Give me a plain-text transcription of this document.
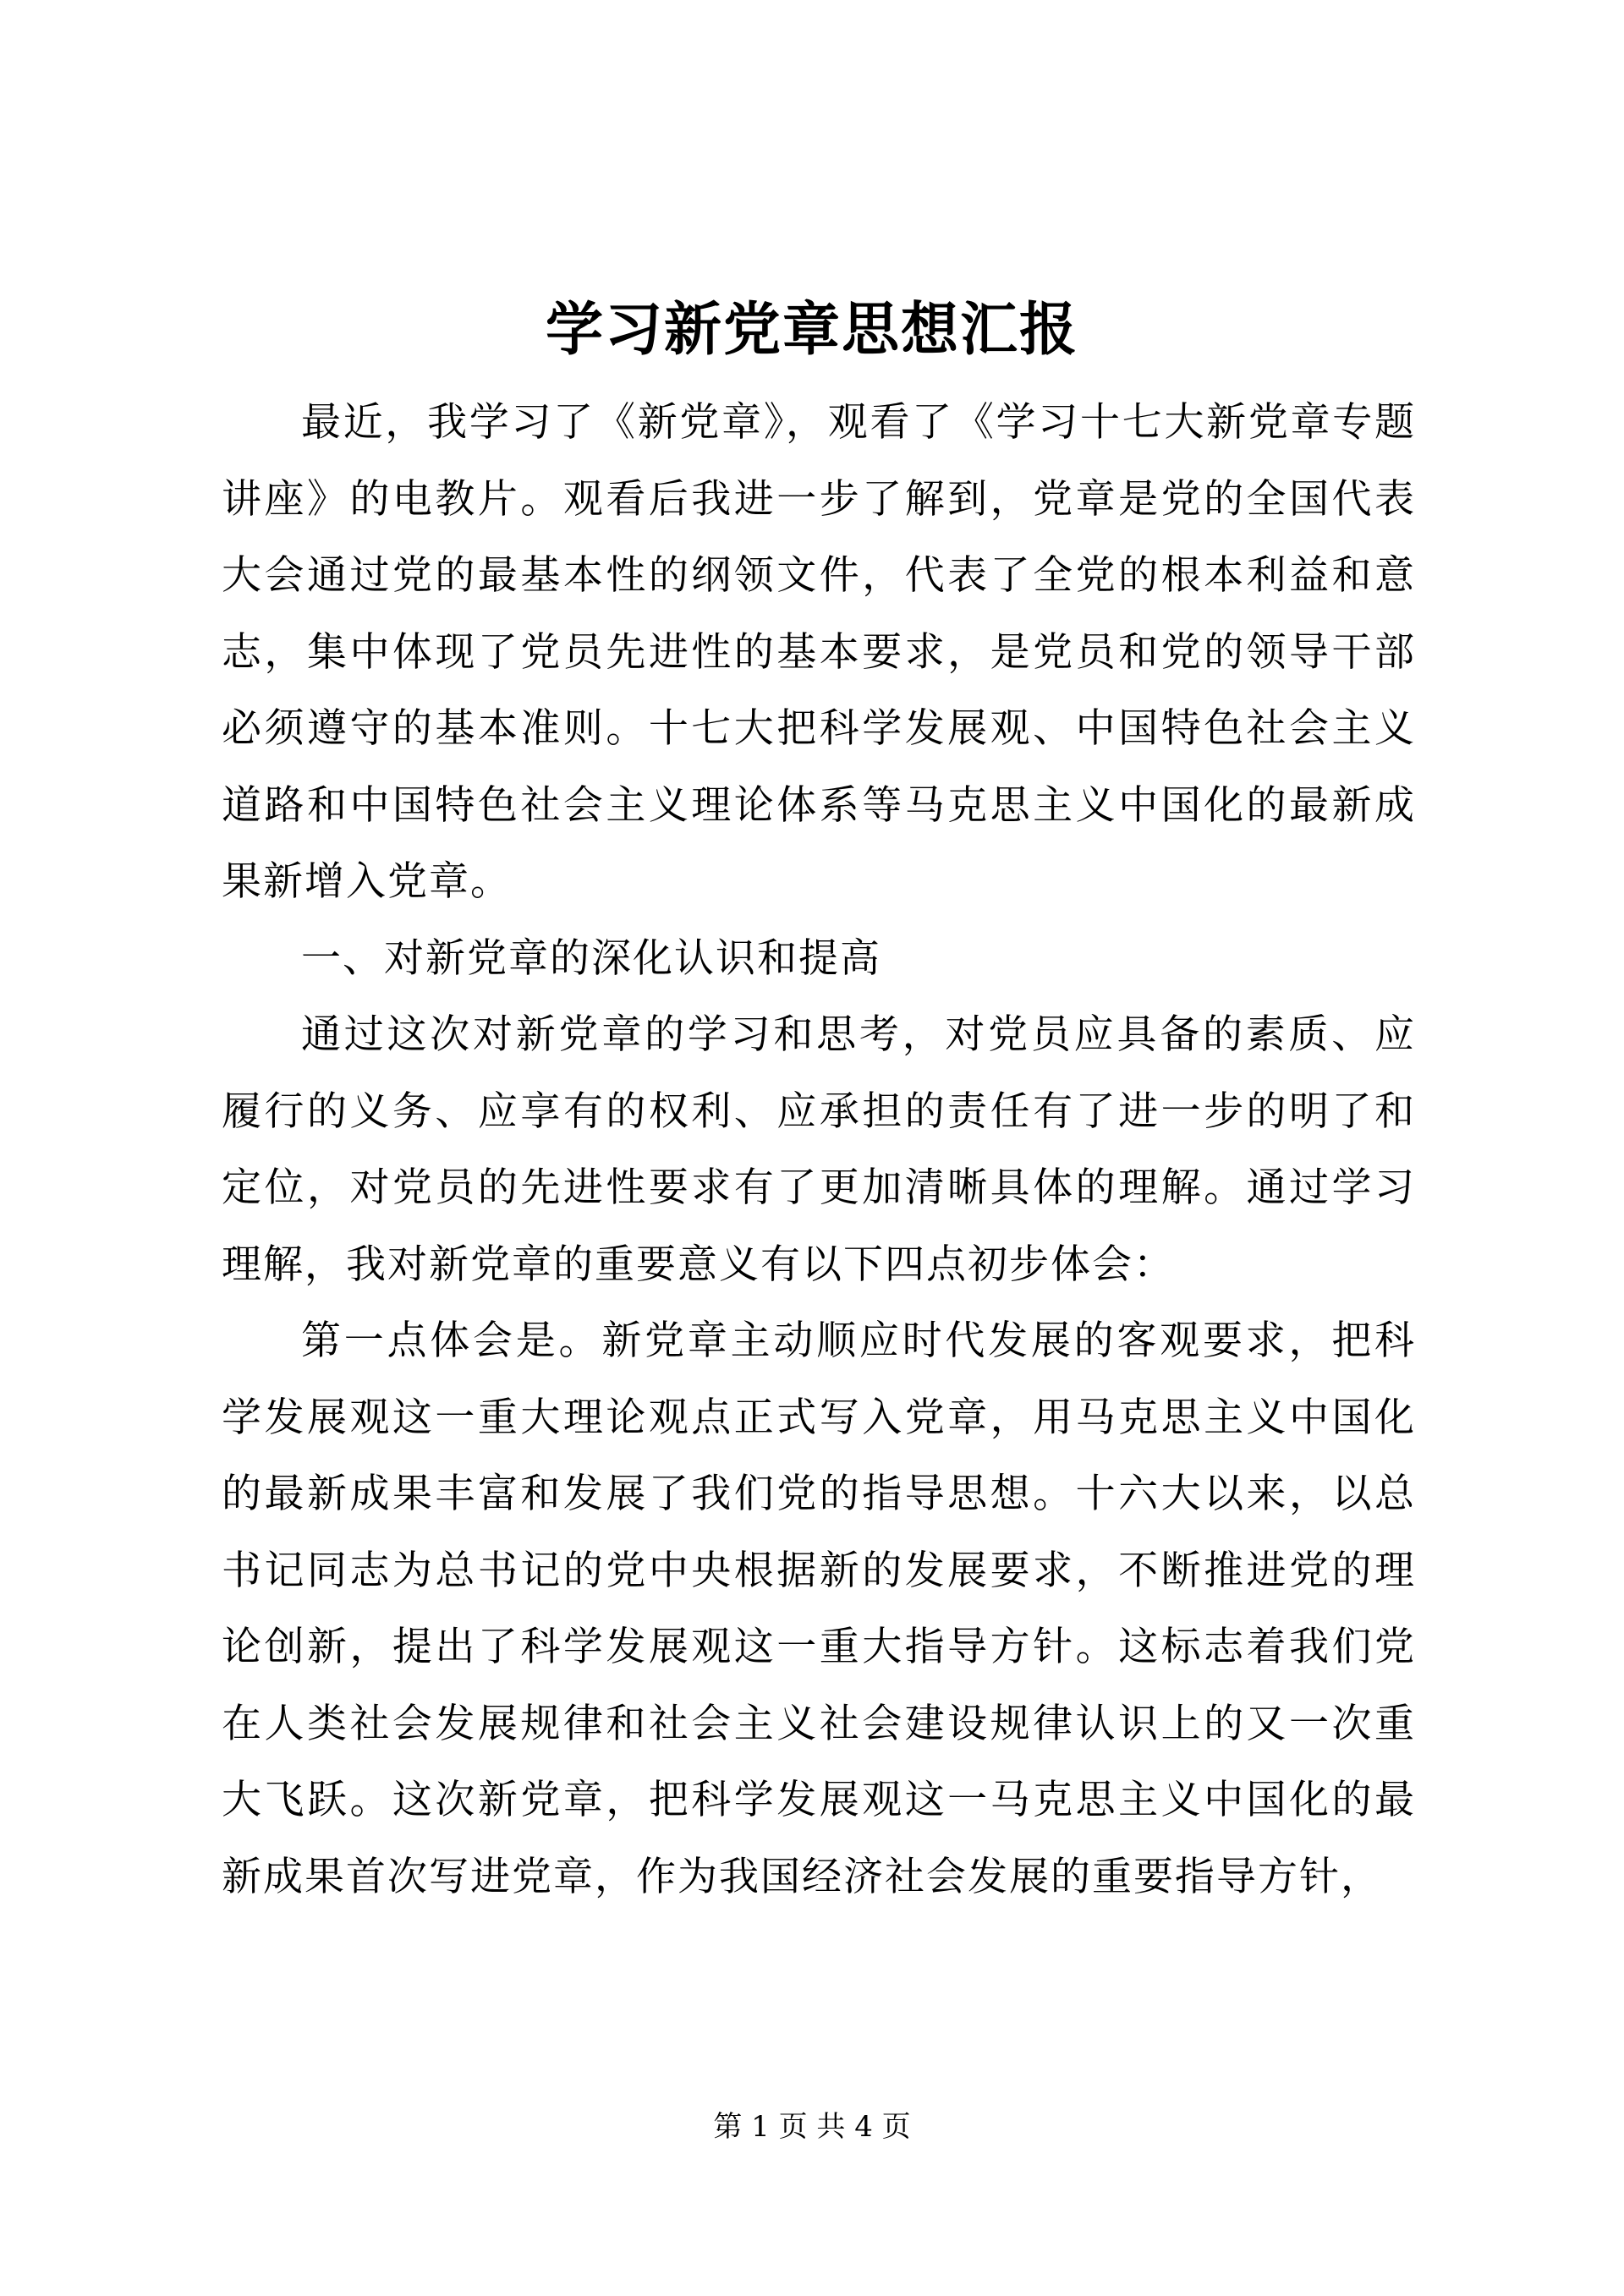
学习新党章思想汇报

最近，我学习了《新党章》，观看了《学习十七大新党章专题讲座》的电教片。观看后我进一步了解到，党章是党的全国代表大会通过党的最基本性的纲领文件，代表了全党的根本利益和意志，集中体现了党员先进性的基本要求，是党员和党的领导干部必须遵守的基本准则。十七大把科学发展观、中国特色社会主义道路和中国特色社会主义理论体系等马克思主义中国化的最新成果新增入党章。

一、对新党章的深化认识和提高

通过这次对新党章的学习和思考，对党员应具备的素质、应履行的义务、应享有的权利、应承担的责任有了进一步的明了和定位，对党员的先进性要求有了更加清晰具体的理解。通过学习理解，我对新党章的重要意义有以下四点初步体会：

第一点体会是。新党章主动顺应时代发展的客观要求，把科学发展观这一重大理论观点正式写入党章，用马克思主义中国化的最新成果丰富和发展了我们党的指导思想。十六大以来，以总书记同志为总书记的党中央根据新的发展要求，不断推进党的理论创新，提出了科学发展观这一重大指导方针。这标志着我们党在人类社会发展规律和社会主义社会建设规律认识上的又一次重大飞跃。这次新党章，把科学发展观这一马克思主义中国化的最新成果首次写进党章，作为我国经济社会发展的重要指导方针，

第 1 页 共 4 页
